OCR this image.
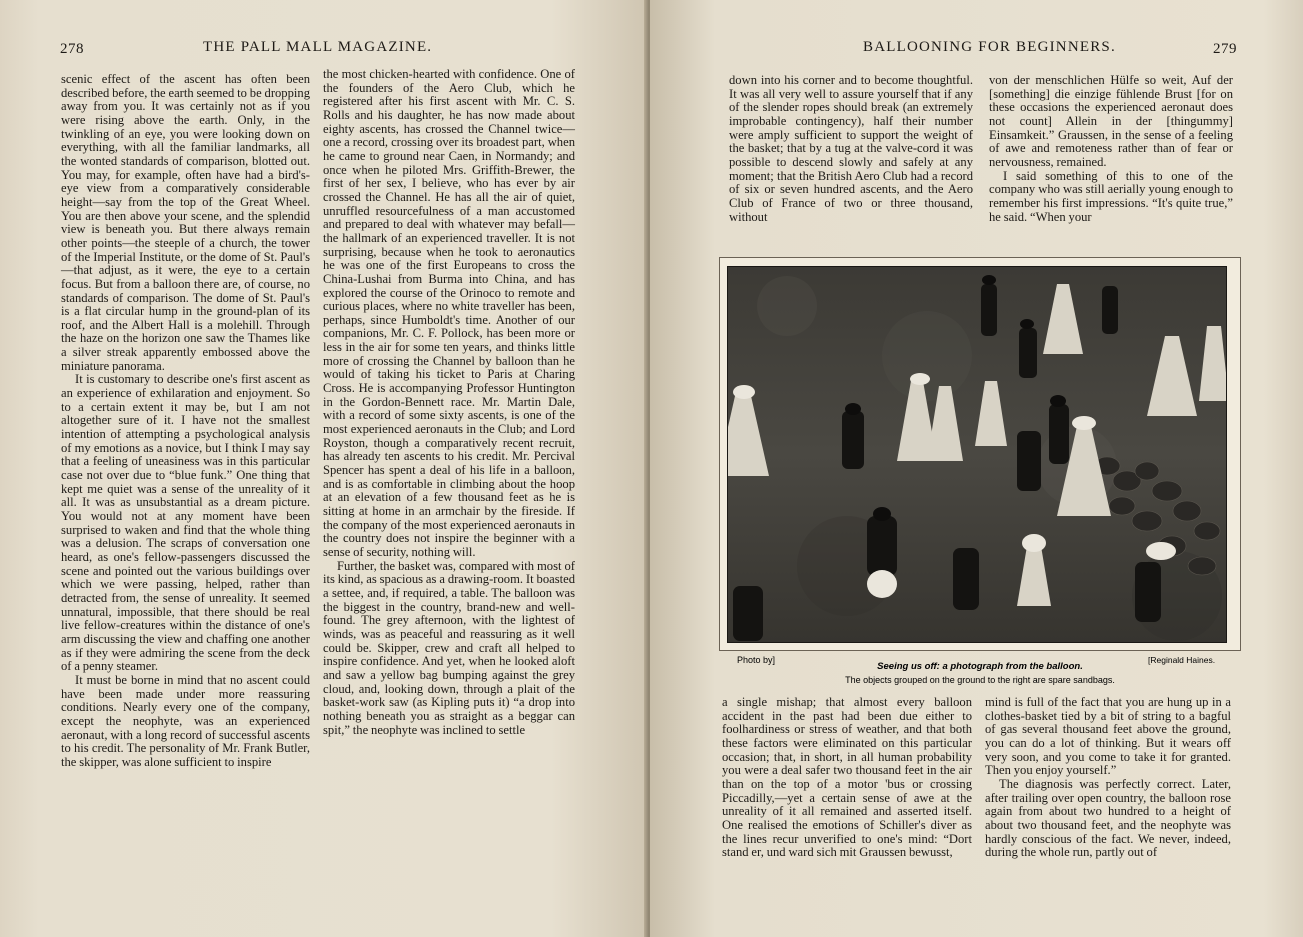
278	THE PALL MALL MAGAZINE.

scenic effect of the ascent has often been described before, the earth seemed to be dropping away from you. It was certainly not as if you were rising above the earth. Only, in the twinkling of an eye, you were looking down on everything, with all the familiar landmarks, all the wonted standards of comparison, blotted out. You may, for example, often have had a bird's-eye view from a comparatively considerable height—say from the top of the Great Wheel. You are then above your scene, and the splendid view is beneath you. But there always remain other points—the steeple of a church, the tower of the Imperial Institute, or the dome of St. Paul's—that adjust, as it were, the eye to a certain focus. But from a balloon there are, of course, no standards of comparison. The dome of St. Paul's is a flat circular hump in the ground-plan of its roof, and the Albert Hall is a molehill. Through the haze on the horizon one saw the Thames like a silver streak apparently embossed above the miniature panorama.

It is customary to describe one's first ascent as an experience of exhilaration and enjoyment. So to a certain extent it may be, but I am not altogether sure of it. I have not the smallest intention of attempting a psychological analysis of my emotions as a novice, but I think I may say that a feeling of uneasiness was in this particular case not over due to “blue funk.” One thing that kept me quiet was a sense of the unreality of it all. It was as unsubstantial as a dream picture. You would not at any moment have been surprised to waken and find that the whole thing was a delusion. The scraps of conversation one heard, as one's fellow-passengers discussed the scene and pointed out the various buildings over which we were passing, helped, rather than detracted from, the sense of unreality. It seemed unnatural, impossible, that there should be real live fellow-creatures within the distance of one's arm discussing the view and chaffing one another as if they were admiring the scene from the deck of a penny steamer.

It must be borne in mind that no ascent could have been made under more reassuring conditions. Nearly every one of the company, except the neophyte, was an experienced aeronaut, with a long record of successful ascents to his credit. The personality of Mr. Frank Butler, the skipper, was alone sufficient to inspire

the most chicken-hearted with confidence. One of the founders of the Aero Club, which he registered after his first ascent with Mr. C. S. Rolls and his daughter, he has now made about eighty ascents, has crossed the Channel twice—one a record, crossing over its broadest part, when he came to ground near Caen, in Normandy; and once when he piloted Mrs. Griffith-Brewer, the first of her sex, I believe, who has ever by air crossed the Channel. He has all the air of quiet, unruffled resourcefulness of a man accustomed and prepared to deal with whatever may befall—the hallmark of an experienced traveller. It is not surprising, because when he took to aeronautics he was one of the first Europeans to cross the China-Lushai from Burma into China, and has explored the course of the Orinoco to remote and curious places, where no white traveller has been, perhaps, since Humboldt's time. Another of our companions, Mr. C. F. Pollock, has been more or less in the air for some ten years, and thinks little more of crossing the Channel by balloon than he would of taking his ticket to Paris at Charing Cross. He is accompanying Professor Huntington in the Gordon-Bennett race. Mr. Martin Dale, with a record of some sixty ascents, is one of the most experienced aeronauts in the Club; and Lord Royston, though a comparatively recent recruit, has already ten ascents to his credit. Mr. Percival Spencer has spent a deal of his life in a balloon, and is as comfortable in climbing about the hoop at an elevation of a few thousand feet as he is sitting at home in an armchair by the fireside. If the company of the most experienced aeronauts in the country does not inspire the beginner with a sense of security, nothing will.

Further, the basket was, compared with most of its kind, as spacious as a drawing-room. It boasted a settee, and, if required, a table. The balloon was the biggest in the country, brand-new and well-found. The grey afternoon, with the lightest of winds, was as peaceful and reassuring as it well could be. Skipper, crew and craft all helped to inspire confidence. And yet, when he looked aloft and saw a yellow bag bumping against the grey cloud, and, looking down, through a plait of the basket-work saw (as Kipling puts it) “a drop into nothing beneath you as straight as a beggar can spit,” the neophyte was inclined to settle

BALLOONING FOR BEGINNERS.	279

down into his corner and to become thoughtful. It was all very well to assure yourself that if any of the slender ropes should break (an extremely improbable contingency), half their number were amply sufficient to support the weight of the basket; that by a tug at the valve-cord it was possible to descend slowly and safely at any moment; that the British Aero Club had a record of six or seven hundred ascents, and the Aero Club of France of two or three thousand, without

von der menschlichen Hülfe so weit, Auf der [something] die einzige fühlende Brust [for on these occasions the experienced aeronaut does not count] Allein in der [thingummy] Einsamkeit.” Graussen, in the sense of a feeling of awe and remoteness rather than of fear or nervousness, remained.

I said something of this to one of the company who was still aerially young enough to remember his first impressions. “It's quite true,” he said. “When your

a single mishap; that almost every balloon accident in the past had been due either to foolhardiness or stress of weather, and that both these factors were eliminated on this particular occasion; that, in short, in all human probability you were a deal safer two thousand feet in the air than on the top of a motor 'bus or crossing Piccadilly,—yet a certain sense of awe at the unreality of it all remained and asserted itself. One realised the emotions of Schiller's diver as the lines recur unverified to one's mind: “Dort stand er, und ward sich mit Graussen bewusst,

mind is full of the fact that you are hung up in a clothes-basket tied by a bit of string to a bagful of gas several thousand feet above the ground, you can do a lot of thinking. But it wears off very soon, and you come to take it for granted. Then you enjoy yourself.”

The diagnosis was perfectly correct. Later, after trailing over open country, the balloon rose again from about two hundred to a height of about two thousand feet, and the neophyte was hardly conscious of the fact. We never, indeed, during the whole run, partly out of

Photo by]	[Reginald Haines.
Seeing us off: a photograph from the balloon.
The objects grouped on the ground to the right are spare sandbags.
